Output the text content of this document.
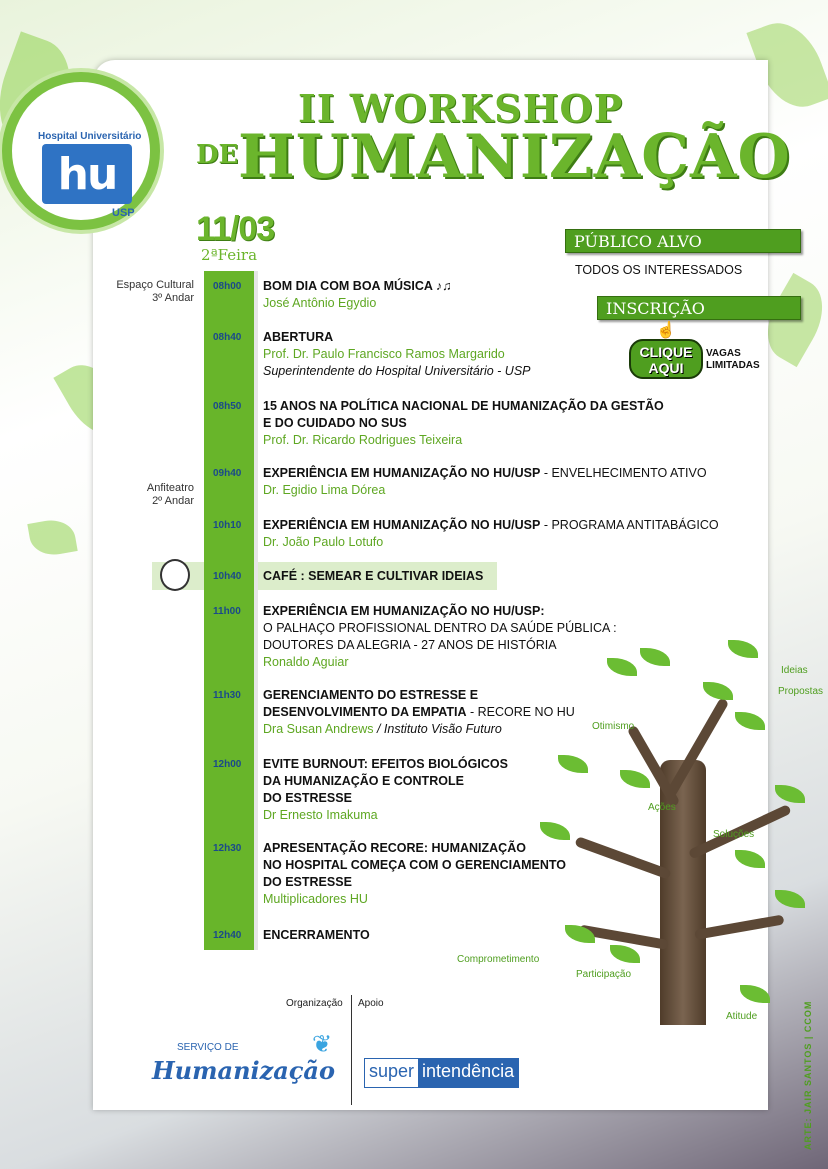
Hospital Universitário
hu
USP
II WORKSHOP
DE HUMANIZAÇÃO
11/03
2ªFeira
PÚBLICO ALVO
TODOS OS INTERESSADOS
INSCRIÇÃO
☝
CLIQUE
AQUI
VAGAS
LIMITADAS
Espaço Cultural
3º Andar
Anfiteatro
2º Andar
08h00 BOM DIA COM BOA MÚSICA ♪♫
José Antônio Egydio
08h40 ABERTURA
Prof. Dr. Paulo Francisco Ramos Margarido
Superintendente do Hospital Universitário - USP
08h50 15 ANOS NA POLÍTICA NACIONAL DE HUMANIZAÇÃO DA GESTÃO
E DO CUIDADO NO SUS
Prof. Dr. Ricardo Rodrigues Teixeira
09h40 EXPERIÊNCIA EM HUMANIZAÇÃO NO HU/USP - ENVELHECIMENTO ATIVO
Dr. Egidio Lima Dórea
10h10 EXPERIÊNCIA EM HUMANIZAÇÃO NO HU/USP - PROGRAMA ANTITABÁGICO
Dr. João Paulo Lotufo
10h40 CAFÉ : SEMEAR E CULTIVAR IDEIAS
11h00 EXPERIÊNCIA EM HUMANIZAÇÃO NO HU/USP:
O PALHAÇO PROFISSIONAL DENTRO DA SAÚDE PÚBLICA :
DOUTORES DA ALEGRIA - 27 ANOS DE HISTÓRIA
Ronaldo Aguiar
11h30 GERENCIAMENTO DO ESTRESSE E
DESENVOLVIMENTO DA EMPATIA - RECORE NO HU
Dra Susan Andrews / Instituto Visão Futuro
12h00 EVITE BURNOUT: EFEITOS BIOLÓGICOS
DA HUMANIZAÇÃO E CONTROLE
DO ESTRESSE
Dr Ernesto Imakuma
12h30 APRESENTAÇÃO RECORE: HUMANIZAÇÃO
NO HOSPITAL COMEÇA COM O GERENCIAMENTO
DO ESTRESSE
Multiplicadores HU
12h40 ENCERRAMENTO
Ideias
Propostas
Otimismo
Ações
Soluções
Comprometimento
Participação
Atitude
Organização Apoio
SERVIÇO DE
Humanização
❦
super intendência	ARTE: JAIR SANTOS | CCOM
